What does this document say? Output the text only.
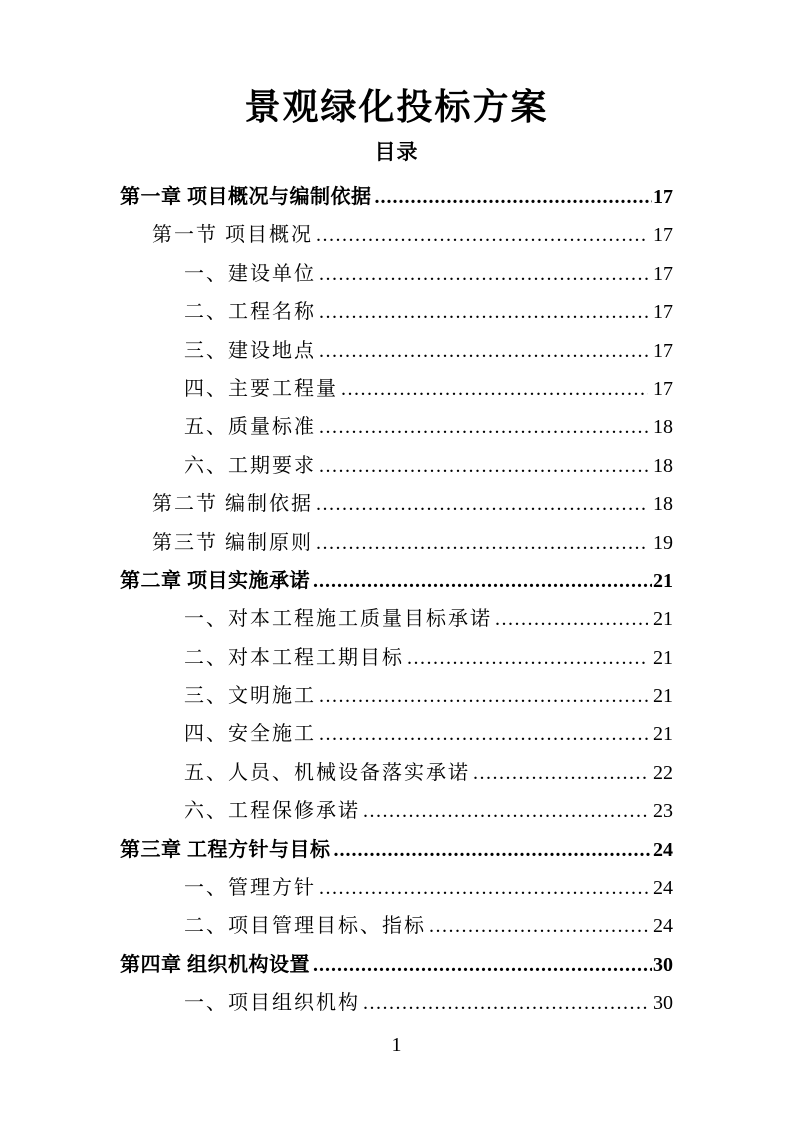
景观绿化投标方案
目录
第一章 项目概况与编制依据 .....	17
第一节 项目概况 .....	17
一、建设单位 .....	17
二、工程名称 .....	17
三、建设地点 .....	17
四、主要工程量 .....	17
五、质量标准 .....	18
六、工期要求 .....	18
第二节 编制依据 .....	18
第三节 编制原则 .....	19
第二章 项目实施承诺 .....	21
一、对本工程施工质量目标承诺 .....	21
二、对本工程工期目标 .....	21
三、文明施工 .....	21
四、安全施工 .....	21
五、人员、机械设备落实承诺 .....	22
六、工程保修承诺 .....	23
第三章 工程方针与目标 .....	24
一、管理方针 .....	24
二、项目管理目标、指标 .....	24
第四章 组织机构设置 .....	30
一、项目组织机构 .....	30
1
